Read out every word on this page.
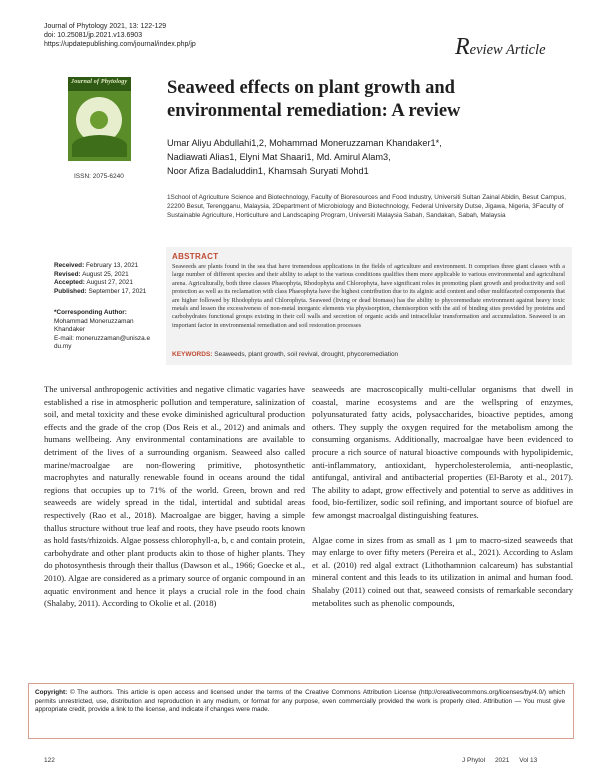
Journal of Phytology 2021, 13: 122-129
doi: 10.25081/jp.2021.v13.6903
https://updatepublishing.com/journal/index.php/jp	Review Article
Journal of Phytology
ISSN: 2075-6240
Seaweed effects on plant growth and environmental remediation: A review
Umar Aliyu Abdullahi1,2, Mohammad Moneruzzaman Khandaker1*,
Nadiawati Alias1, Elyni Mat Shaari1, Md. Amirul Alam3,
Noor Afiza Badaluddin1, Khamsah Suryati Mohd1
1School of Agriculture Science and Biotechnology, Faculty of Bioresources and Food Industry, Universiti Sultan Zainal Abidin, Besut Campus, 22200 Besut, Terengganu, Malaysia, 2Department of Microbiology and Biotechnology, Federal University Dutse, Jigawa, Nigeria, 3Faculty of Sustainable Agriculture, Horticulture and Landscaping Program, Universiti Malaysia Sabah, Sandakan, Sabah, Malaysia
Received: February 13, 2021
Revised: August 25, 2021
Accepted: August 27, 2021
Published: September 17, 2021
*Corresponding Author:
Mohammad Moneruzzaman Khandaker
E-mail: moneruzzaman@unisza.edu.my
ABSTRACT
Seaweeds are plants found in the sea that have tremendous applications in the fields of agriculture and environment. It comprises three giant classes with a large number of different species and their ability to adapt to the various conditions qualifies them more applicable to various environmental and agricultural arena. Agriculturally, both three classes Phaeophyta, Rhodophyta and Chlorophyta, have significant roles in promoting plant growth and productivity and soil protection as well as its reclamation with class Phaeophyta have the highest contribution due to its alginic acid content and other multifaceted components that are higher followed by Rhodophyta and Chlorophyta. Seaweed (living or dead biomass) has the ability to phycoremediate environment against heavy toxic metals and lessen the excessiveness of non-metal inorganic elements via physisorption, chemisorption with the aid of binding sites provided by proteins and carbohydrates functional groups existing in their cell walls and secretion of organic acids and intracellular transformation and accumulation. Seaweed is an important factor in environmental remediation and soil restoration processes
KEYWORDS: Seaweeds, plant growth, soil revival, drought, phycoremediation

The universal anthropogenic activities and negative climatic vagaries have established a rise in atmospheric pollution and temperature, salinization of soil, and metal toxicity and these evoke diminished agricultural production effects and the grade of the crop (Dos Reis et al., 2012) and animals and humans wellbeing. Any environmental contaminations are available to detriment of the lives of a surrounding organism. Seaweed also called marine/macroalgae are non-flowering primitive, photosynthetic macrophytes and naturally renewable found in oceans around the tidal regions that occupies up to 71% of the world. Green, brown and red seaweeds are widely spread in the tidal, intertidal and subtidal areas respectively (Rao et al., 2018). Macroalgae are bigger, having a simple thallus structure without true leaf and roots, they have pseudo roots known as hold fasts/rhizoids. Algae possess chlorophyll-a, b, c and contain protein, carbohydrate and other plant products akin to those of higher plants. They do photosynthesis through their thallus (Dawson et al., 1966; Goecke et al., 2010). Algae are considered as a primary source of organic compound in an aquatic environment and hence it plays a crucial role in the food chain (Shalaby, 2011). According to Okolie et al. (2018)

seaweeds are macroscopically multi-cellular organisms that dwell in coastal, marine ecosystems and are the wellspring of enzymes, polyunsaturated fatty acids, polysaccharides, bioactive peptides, among others. They supply the oxygen required for the metabolism among the consuming organisms. Additionally, macroalgae have been evidenced to procure a rich source of natural bioactive compounds with hypolipidemic, anti-inflammatory, antioxidant, hypercholesterolemia, anti-neoplastic, antifungal, antiviral and antibacterial properties (El-Baroty et al., 2017). The ability to adapt, grow effectively and potential to serve as additives in food, bio-fertilizer, sodic soil refining, and important source of biofuel are few amongst macroalgal distinguishing features.

Algae come in sizes from as small as 1 μm to macro-sized seaweeds that may enlarge to over fifty meters (Pereira et al., 2021). According to Aslam et al. (2010) red algal extract (Lithothamnion calcareum) has substantial mineral content and this leads to its utilization in animal and human food. Shalaby (2011) coined out that, seaweed consists of remarkable secondary metabolites such as phenolic compounds,

Copyright: © The authors. This article is open access and licensed under the terms of the Creative Commons Attribution License (http://creativecommons.org/licenses/by/4.0/) which permits unrestricted, use, distribution and reproduction in any medium, or format for any purpose, even commercially provided the work is properly cited. Attribution — You must give appropriate credit, provide a link to the license, and indicate if changes were made.
122	J Phytol 2021 Vol 13
